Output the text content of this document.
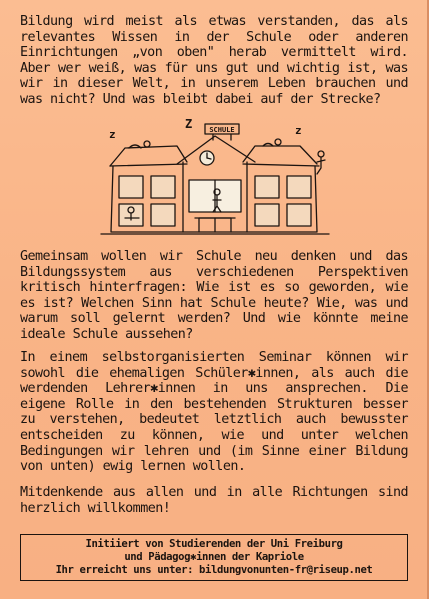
Bildung wird meist als etwas verstanden, das als relevantes Wissen in der Schule oder anderen Einrichtungen „von oben" herab vermittelt wird. Aber wer weiß, was für uns gut und wichtig ist, was wir in dieser Welt, in unserem Leben brauchen und was nicht? Und was bleibt dabei auf der Strecke?

z
Z	z
SCHULE

Gemeinsam wollen wir Schule neu denken und das Bildungssystem aus verschiedenen Perspektiven kritisch hinterfragen: Wie ist es so geworden, wie es ist? Welchen Sinn hat Schule heute? Wie, was und warum soll gelernt werden? Und wie könnte meine ideale Schule aussehen?

In einem selbstorganisierten Seminar können wir sowohl die ehemaligen Schüler✱innen, als auch die werdenden Lehrer✱innen in uns ansprechen. Die eigene Rolle in den bestehenden Strukturen besser zu verstehen, bedeutet letztlich auch bewusster entscheiden zu können, wie und unter welchen Bedingungen wir lehren und (im Sinne einer Bildung von unten) ewig lernen wollen.

Mitdenkende aus allen und in alle Richtungen sind herzlich willkommen!

Initiiert von Studierenden der Uni Freiburg
und Pädagog✱innen der Kapriole
Ihr erreicht uns unter: bildungvonunten-fr@riseup.net
